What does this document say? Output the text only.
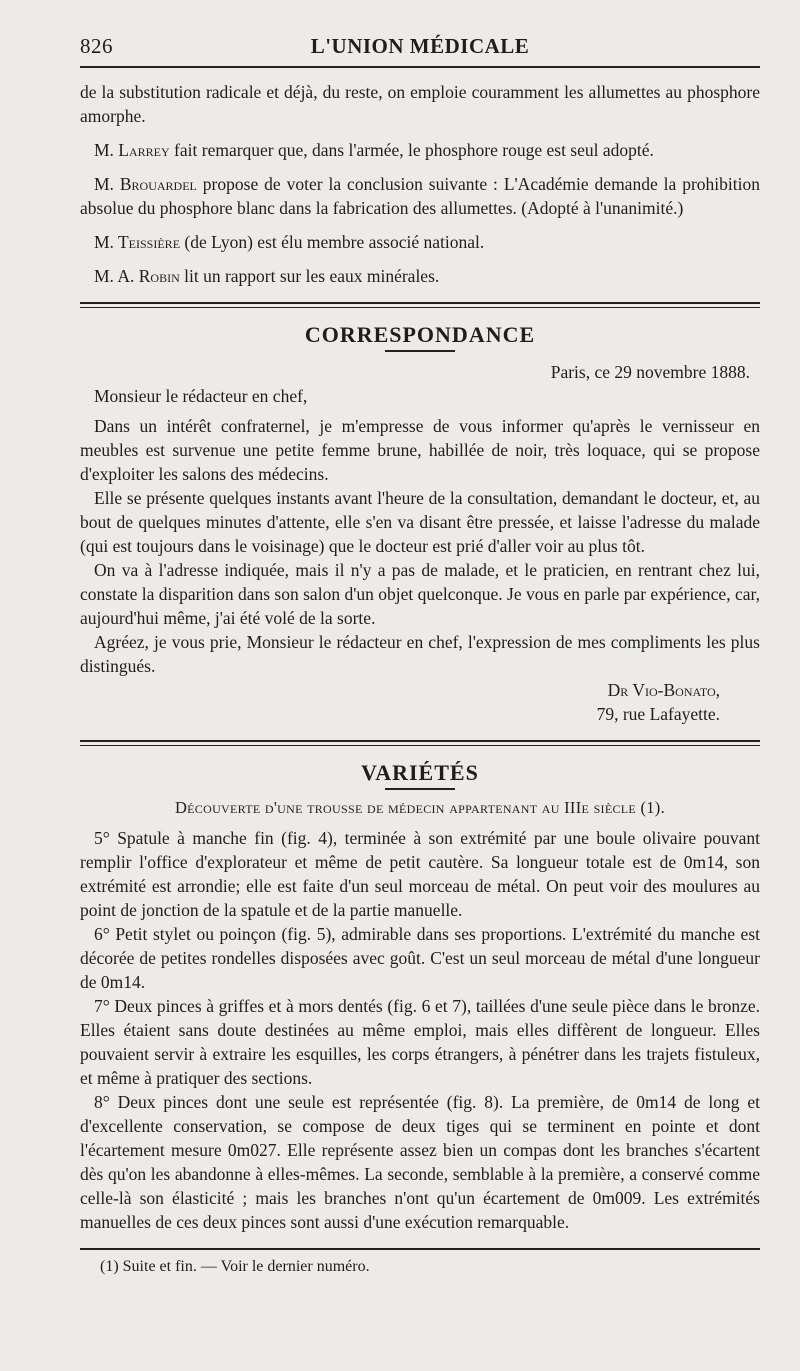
826	L'UNION MÉDICALE

de la substitution radicale et déjà, du reste, on emploie couramment les allumettes au phosphore amorphe.

M. Larrey fait remarquer que, dans l'armée, le phosphore rouge est seul adopté.

M. Brouardel propose de voter la conclusion suivante : L'Académie demande la prohibition absolue du phosphore blanc dans la fabrication des allumettes. (Adopté à l'unanimité.)

M. Teissière (de Lyon) est élu membre associé national.

M. A. Robin lit un rapport sur les eaux minérales.

CORRESPONDANCE
Paris, ce 29 novembre 1888.

Monsieur le rédacteur en chef,

Dans un intérêt confraternel, je m'empresse de vous informer qu'après le vernisseur en meubles est survenue une petite femme brune, habillée de noir, très loquace, qui se propose d'exploiter les salons des médecins.

Elle se présente quelques instants avant l'heure de la consultation, demandant le docteur, et, au bout de quelques minutes d'attente, elle s'en va disant être pressée, et laisse l'adresse du malade (qui est toujours dans le voisinage) que le docteur est prié d'aller voir au plus tôt.

On va à l'adresse indiquée, mais il n'y a pas de malade, et le praticien, en rentrant chez lui, constate la disparition dans son salon d'un objet quelconque. Je vous en parle par expérience, car, aujourd'hui même, j'ai été volé de la sorte.

Agréez, je vous prie, Monsieur le rédacteur en chef, l'expression de mes compliments les plus distingués.

Dr Vio-Bonato,
79, rue Lafayette.
VARIÉTÉS
Découverte d'une trousse de médecin appartenant au IIIe siècle (1).

5° Spatule à manche fin (fig. 4), terminée à son extrémité par une boule olivaire pouvant remplir l'office d'explorateur et même de petit cautère. Sa longueur totale est de 0m14, son extrémité est arrondie; elle est faite d'un seul morceau de métal. On peut voir des moulures au point de jonction de la spatule et de la partie manuelle.

6° Petit stylet ou poinçon (fig. 5), admirable dans ses proportions. L'extrémité du manche est décorée de petites rondelles disposées avec goût. C'est un seul morceau de métal d'une longueur de 0m14.

7° Deux pinces à griffes et à mors dentés (fig. 6 et 7), taillées d'une seule pièce dans le bronze. Elles étaient sans doute destinées au même emploi, mais elles diffèrent de longueur. Elles pouvaient servir à extraire les esquilles, les corps étrangers, à pénétrer dans les trajets fistuleux, et même à pratiquer des sections.

8° Deux pinces dont une seule est représentée (fig. 8). La première, de 0m14 de long et d'excellente conservation, se compose de deux tiges qui se terminent en pointe et dont l'écartement mesure 0m027. Elle représente assez bien un compas dont les branches s'écartent dès qu'on les abandonne à elles-mêmes. La seconde, semblable à la première, a conservé comme celle-là son élasticité ; mais les branches n'ont qu'un écartement de 0m009. Les extrémités manuelles de ces deux pinces sont aussi d'une exécution remarquable.

(1) Suite et fin. — Voir le dernier numéro.
